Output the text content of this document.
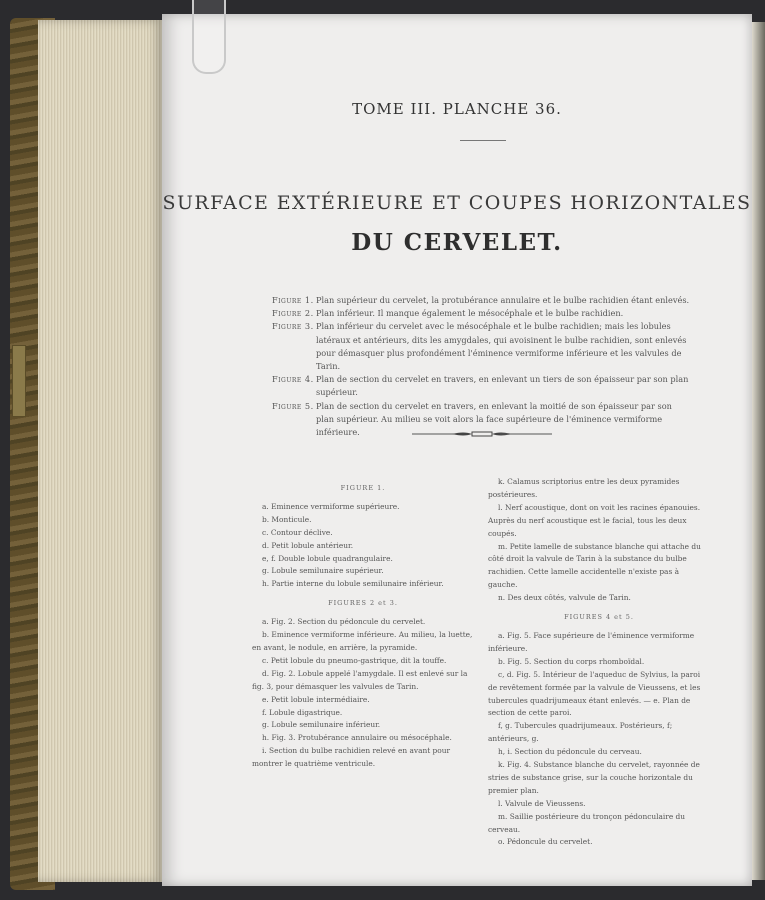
TOME III. PLANCHE 36.
SURFACE EXTÉRIEURE ET COUPES HORIZONTALES
DU CERVELET.
Figure 1. Plan supérieur du cervelet, la protubérance annulaire et le bulbe rachidien étant enlevés.
Figure 2. Plan inférieur. Il manque également le mésocéphale et le bulbe rachidien.
Figure 3. Plan inférieur du cervelet avec le mésocéphale et le bulbe rachidien; mais les lobules latéraux et antérieurs, dits les amygdales, qui avoisinent le bulbe rachidien, sont enlevés pour démasquer plus profondément l'éminence vermiforme inférieure et les valvules de Tarin.
Figure 4. Plan de section du cervelet en travers, en enlevant un tiers de son épaisseur par son plan supérieur.
Figure 5. Plan de section du cervelet en travers, en enlevant la moitié de son épaisseur par son plan supérieur. Au milieu se voit alors la face supérieure de l'éminence vermiforme inférieure.

FIGURE 1.

a. Eminence vermiforme supérieure.

b. Monticule.

c. Contour déclive.

d. Petit lobule antérieur.

e, f. Double lobule quadrangulaire.

g. Lobule semilunaire supérieur.

h. Partie interne du lobule semilunaire inférieur.

FIGURES 2 et 3.

a. Fig. 2. Section du pédoncule du cervelet.

b. Eminence vermiforme inférieure. Au milieu, la luette, en avant, le nodule, en arrière, la pyramide.

c. Petit lobule du pneumo-gastrique, dit la touffe.

d. Fig. 2. Lobule appelé l'amygdale. Il est enlevé sur la fig. 3, pour démasquer les valvules de Tarin.

e. Petit lobule intermédiaire.

f. Lobule digastrique.

g. Lobule semilunaire inférieur.

h. Fig. 3. Protubérance annulaire ou mésocéphale.

i. Section du bulbe rachidien relevé en avant pour montrer le quatrième ventricule.

k. Calamus scriptorius entre les deux pyramides postérieures.

l. Nerf acoustique, dont on voit les racines épanouies. Auprès du nerf acoustique est le facial, tous les deux coupés.

m. Petite lamelle de substance blanche qui attache du côté droit la valvule de Tarin à la substance du bulbe rachidien. Cette lamelle accidentelle n'existe pas à gauche.

n. Des deux côtés, valvule de Tarin.

FIGURES 4 et 5.

a. Fig. 5. Face supérieure de l'éminence vermiforme inférieure.

b. Fig. 5. Section du corps rhomboïdal.

c, d. Fig. 5. Intérieur de l'aqueduc de Sylvius, la paroi de revêtement formée par la valvule de Vieussens, et les tubercules quadrijumeaux étant enlevés. — e. Plan de section de cette paroi.

f, g. Tubercules quadrijumeaux. Postérieurs, f; antérieurs, g.

h, i. Section du pédoncule du cerveau.

k. Fig. 4. Substance blanche du cervelet, rayonnée de stries de substance grise, sur la couche horizontale du premier plan.

l. Valvule de Vieussens.

m. Saillie postérieure du tronçon pédonculaire du cerveau.

o. Pédoncule du cervelet.
